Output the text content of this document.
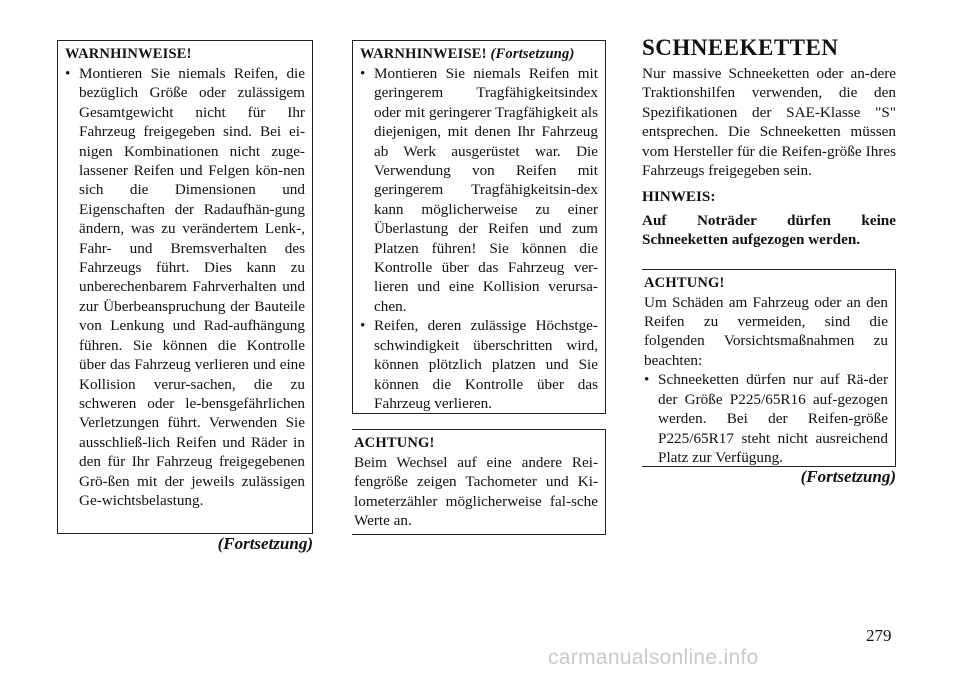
WARNHINWEISE!
• Montieren Sie niemals Reifen, die bezüglich Größe oder zulässigem Gesamtgewicht nicht für Ihr Fahrzeug freigegeben sind. Bei ei-nigen Kombinationen nicht zuge-lassener Reifen und Felgen kön-nen sich die Dimensionen und Eigenschaften der Radaufhän-gung ändern, was zu verändertem Lenk-, Fahr- und Bremsverhalten des Fahrzeugs führt. Dies kann zu unberechenbarem Fahrverhalten und zur Überbeanspruchung der Bauteile von Lenkung und Rad-aufhängung führen. Sie können die Kontrolle über das Fahrzeug verlieren und eine Kollision verur-sachen, die zu schweren oder le-bensgefährlichen Verletzungen führt. Verwenden Sie ausschließ-lich Reifen und Räder in den für Ihr Fahrzeug freigegebenen Grö-ßen mit der jeweils zulässigen Ge-wichtsbelastung.
(Fortsetzung)
WARNHINWEISE! (Fortsetzung)
• Montieren Sie niemals Reifen mit geringerem Tragfähigkeitsindex oder mit geringerer Tragfähigkeit als diejenigen, mit denen Ihr Fahrzeug ab Werk ausgerüstet war. Die Verwendung von Reifen mit geringerem Tragfähigkeitsin-dex kann möglicherweise zu einer Überlastung der Reifen und zum Platzen führen! Sie können die Kontrolle über das Fahrzeug ver-lieren und eine Kollision verursa-chen.
• Reifen, deren zulässige Höchstge-schwindigkeit überschritten wird, können plötzlich platzen und Sie können die Kontrolle über das Fahrzeug verlieren.
ACHTUNG!

Beim Wechsel auf eine andere Rei-fengröße zeigen Tachometer und Ki-lometerzähler möglicherweise fal-sche Werte an.

SCHNEEKETTEN

Nur massive Schneeketten oder an-dere Traktionshilfen verwenden, die den Spezifikationen der SAE-Klasse "S" entsprechen. Die Schneeketten müssen vom Hersteller für die Reifen-größe Ihres Fahrzeugs freigegeben sein.

HINWEIS:
Auf Noträder dürfen keine Schneeketten aufgezogen werden.
ACHTUNG!

Um Schäden am Fahrzeug oder an den Reifen zu vermeiden, sind die folgenden Vorsichtsmaßnahmen zu beachten:

• Schneeketten dürfen nur auf Rä-der der Größe P225/65R16 auf-gezogen werden. Bei der Reifen-größe P225/65R17 steht nicht ausreichend Platz zur Verfügung.
(Fortsetzung)
279
carmanualsonline.info
